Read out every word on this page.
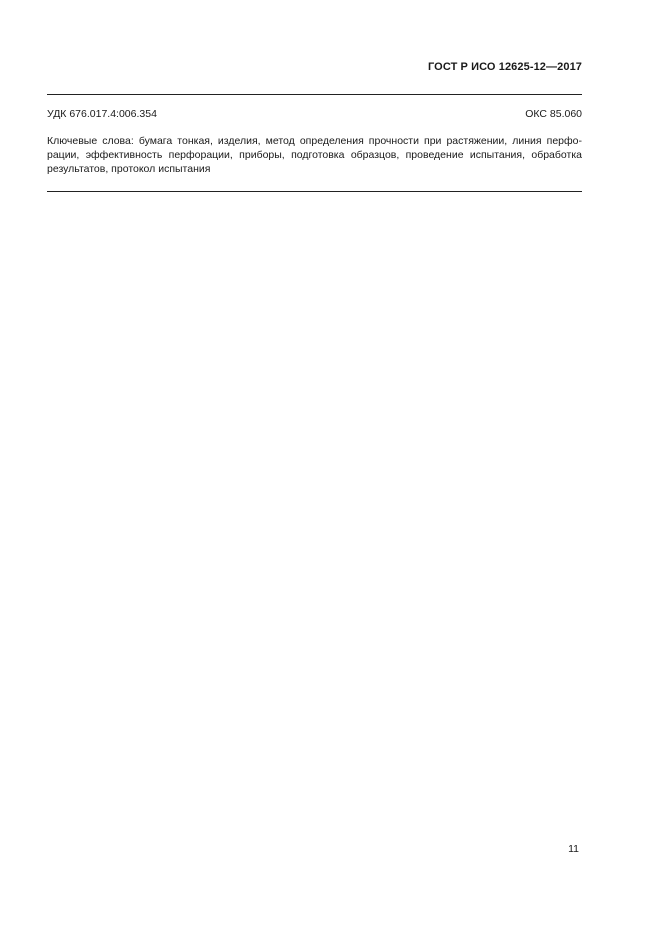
ГОСТ Р ИСО 12625-12—2017
УДК 676.017.4:006.354	ОКС 85.060
Ключевые слова: бумага тонкая, изделия, метод определения прочности при растяжении, линия перфо-
рации, эффективность перфорации, приборы, подготовка образцов, проведение испытания, обработка
результатов, протокол испытания
11
